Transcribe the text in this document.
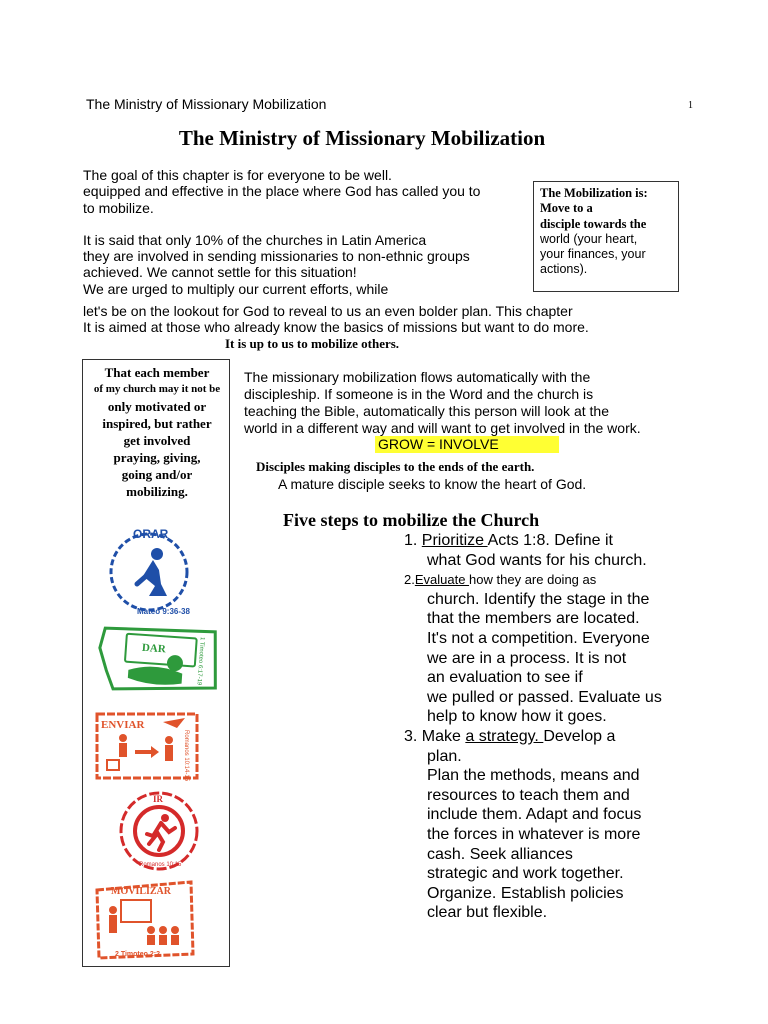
The Ministry of Missionary Mobilization	1
The Ministry of Missionary Mobilization
The goal of this chapter is for everyone to be well.
equipped and effective in the place where God has called you to
to mobilize.
It is said that only 10% of the churches in Latin America
they are involved in sending missionaries to non-ethnic groups
achieved. We cannot settle for this situation!
We are urged to multiply our current efforts, while
let's be on the lookout for God to reveal to us an even bolder plan. This chapter
It is aimed at those who already know the basics of missions but want to do more.
It is up to us to mobilize others.
The Mobilization is:
Move to a
disciple towards the
world (your heart,
your finances, your
actions).
That each member
of my church may it not be
only motivated or
inspired, but rather
get involved
praying, giving,
going and/or
mobilizing.
ORAR
Mateo 9:36-38
DAR	1 Timoteo 6:17-19
ENVIAR
Romanos 10:14-15
IR
Romanos 10:15
MOVILIZAR
2 Timoteo 2:2
The missionary mobilization flows automatically with the
discipleship. If someone is in the Word and the church is
teaching the Bible, automatically this person will look at the
world in a different way and will want to get involved in the work.
GROW = INVOLVE
Disciples making disciples to the ends of the earth.
A mature disciple seeks to know the heart of God.
Five steps to mobilize the Church
1. Prioritize Acts 1:8. Define it
what God wants for his church.
2.Evaluate how they are doing as
church. Identify the stage in the
that the members are located.
It's not a competition. Everyone
we are in a process. It is not
an evaluation to see if
we pulled or passed. Evaluate us
help to know how it goes.
3. Make a strategy. Develop a
plan.
Plan the methods, means and
resources to teach them and
include them. Adapt and focus
the forces in whatever is more
cash. Seek alliances
strategic and work together.
Organize. Establish policies
clear but flexible.
